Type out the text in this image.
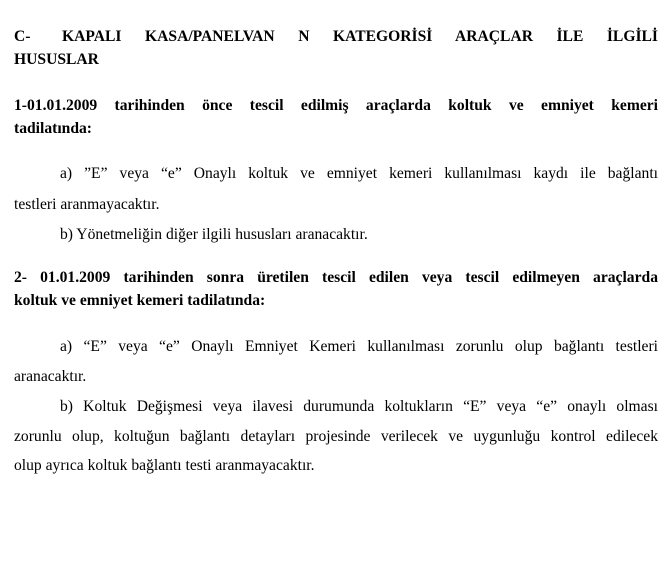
C- KAPALI KASA/PANELVAN N KATEGORİSİ ARAÇLAR İLE İLGİLİ
HUSUSLAR
1-01.01.2009 tarihinden önce tescil edilmiş araçlarda koltuk ve emniyet kemeri
tadilatında:
a) ”E” veya “e” Onaylı koltuk ve emniyet kemeri kullanılması kaydı ile bağlantı
testleri aranmayacaktır.
b) Yönetmeliğin diğer ilgili hususları aranacaktır.
2- 01.01.2009 tarihinden sonra üretilen tescil edilen veya tescil edilmeyen araçlarda
koltuk ve emniyet kemeri tadilatında:
a) “E” veya “e” Onaylı Emniyet Kemeri kullanılması zorunlu olup bağlantı testleri
aranacaktır.
b) Koltuk Değişmesi veya ilavesi durumunda koltukların “E” veya “e” onaylı olması
zorunlu olup, koltuğun bağlantı detayları projesinde verilecek ve uygunluğu kontrol edilecek
olup ayrıca koltuk bağlantı testi aranmayacaktır.
